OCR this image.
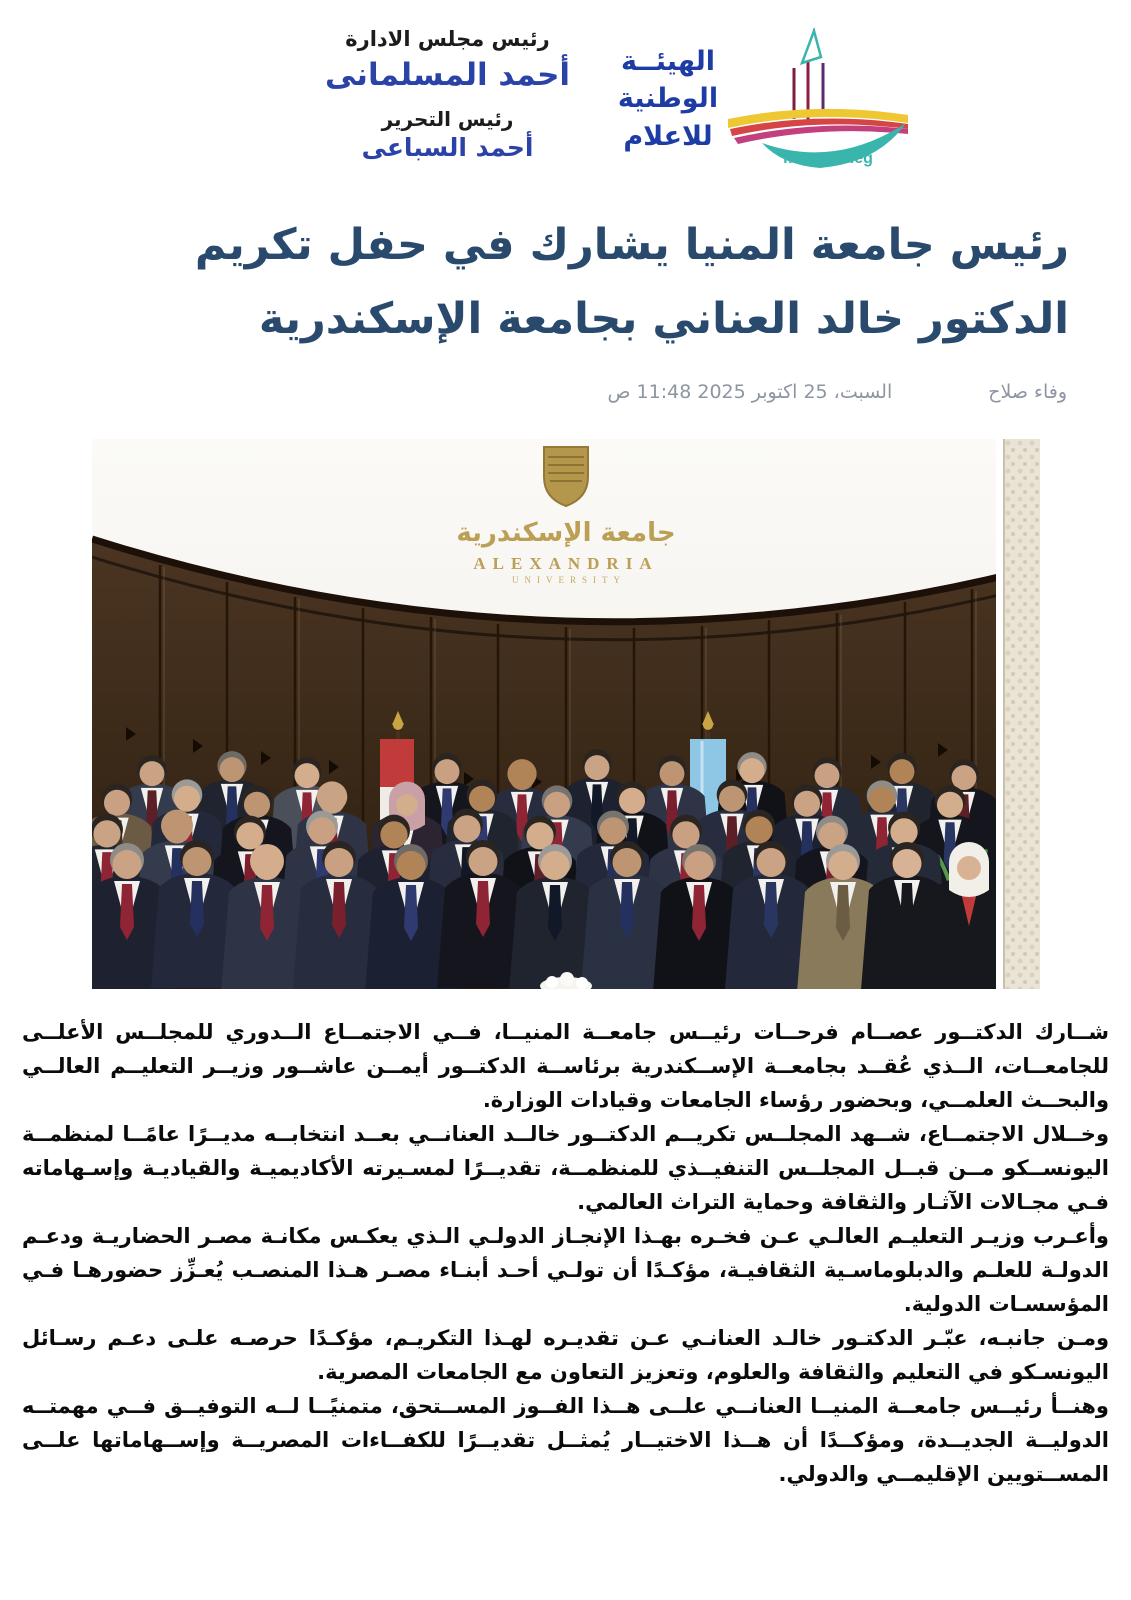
رئيس مجلس الادارة
أحمد المسلمانى
رئيس التحرير
أحمد السباعى
الهيئــة
الوطنية
للاعلام
maspero.eg
رئيس جامعة المنيا يشارك في حفل تكريم
الدكتور خالد العناني بجامعة الإسكندرية
وفاء صلاح
السبت، 25 اكتوبر 2025 11:48 ص
جامعة الإسكندرية
ALEXANDRIA
UNIVERSITY

شــارك الدكتــور عصــام فرحــات رئيــس جامعــة المنيــا، فــي الاجتمــاع الــدوري للمجلــس الأعلــى للجامعــات، الــذي عُقــد بجامعــة الإســكندرية برئاســة الدكتــور أيمــن عاشــور وزيــر التعليــم العالــي والبحــث العلمــي، وبحضور رؤساء الجامعات وقيادات الوزارة.

وخــلال الاجتمــاع، شــهد المجلــس تكريــم الدكتــور خالــد العنانــي بعــد انتخابــه مديــرًا عامًــا لمنظمــة اليونســكو مــن قبــل المجلــس التنفيــذي للمنظمــة، تقديــرًا لمسـيرته الأكاديميـة والقياديـة وإسـهاماته فـي مجـالات الآثـار والثقافة وحماية التراث العالمي.

وأعـرب وزيـر التعليـم العالـي عـن فخـره بهـذا الإنجـاز الدولـي الـذي يعكـس مكانـة مصـر الحضاريـة ودعـم الدولـة للعلـم والدبلوماسـية الثقافيـة، مؤكـدًا أن تولـي أحـد أبنـاء مصـر هـذا المنصـب يُعـزِّز حضورهـا فـي المؤسسـات الدولية.

ومـن جانبـه، عبّـر الدكتـور خالـد العنانـي عـن تقديـره لهـذا التكريـم، مؤكـدًا حرصـه علـى دعـم رسـائل اليونسـكو في التعليم والثقافة والعلوم، وتعزيز التعاون مع الجامعات المصرية.

وهنــأ رئيــس جامعــة المنيــا العنانــي علــى هــذا الفــوز المســتحق، متمنيًــا لــه التوفيــق فــي مهمتــه الدوليــة الجديــدة، ومؤكــدًا أن هــذا الاختيــار يُمثــل تقديــرًا للكفــاءات المصريــة وإســهاماتها علــى المســتويين الإقليمــي والدولي.
